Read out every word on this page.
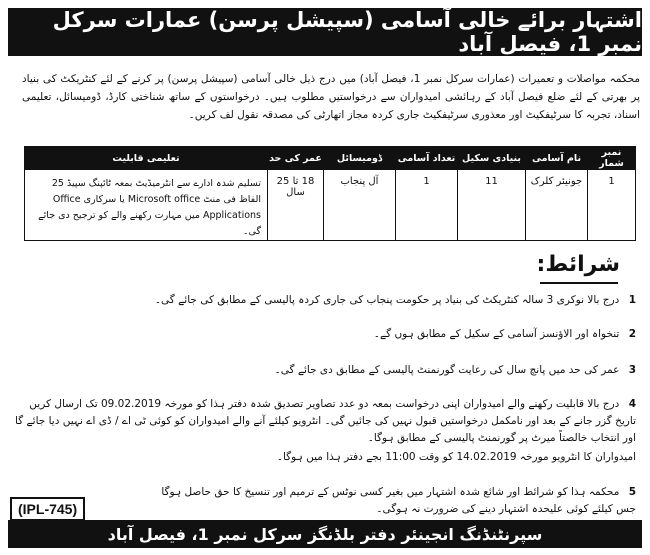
اشتہار برائے خالی آسامی (سپیشل پرسن) عمارات سرکل نمبر 1، فیصل آباد

محکمہ مواصلات و تعمیرات (عمارات سرکل نمبر 1، فیصل آباد) میں درج ذیل خالی آسامی (سپیشل پرسن) پر کرنے کے لئے کنٹریکٹ کی بنیاد پر بھرتی کے لئے ضلع فیصل آباد کے رہائشی امیدواران سے درخواستیں مطلوب ہیں۔ درخواستوں کے ساتھ شناختی کارڈ، ڈومیسائل، تعلیمی اسناد، تجربہ کا سرٹیفکیٹ اور معذوری سرٹیفکیٹ جاری کردہ مجاز اتھارٹی کی مصدقہ نقول لف کریں۔

نمبر شمار	نام آسامی	بنیادی سکیل	تعداد آسامی	ڈومیسائل	عمر کی حد	تعلیمی قابلیت
1	جونیئر کلرک	11	1	آل پنجاب	18 تا 25 سال	تسلیم شدہ ادارے سے انٹرمیڈیٹ بمعہ ٹائپنگ سپیڈ 25 الفاظ فی منٹ Microsoft office یا سرکاری Office Applications میں مہارت رکھنے والے کو ترجیح دی جائے گی۔
شرائط:
1 درج بالا نوکری 3 سالہ کنٹریکٹ کی بنیاد پر حکومت پنجاب کی جاری کردہ پالیسی کے مطابق کی جائے گی۔
2 تنخواہ اور الاؤنسز آسامی کے سکیل کے مطابق ہوں گے۔
3 عمر کی حد میں پانچ سال کی رعایت گورنمنٹ پالیسی کے مطابق دی جائے گی۔
4 درج بالا قابلیت رکھنے والے امیدواران اپنی درخواست بمعہ دو عدد تصاویر تصدیق شدہ دفتر ہذا کو مورخہ 09.02.2019 تک ارسال کریں تاریخ گزر جانے کے بعد اور نامکمل درخواستیں قبول نہیں کی جائیں گی۔ انٹرویو کیلئے آنے والے امیدواران کو کوئی ٹی اے / ڈی اے نہیں دیا جائے گا اور انتخاب خالصتاً میرٹ پر گورنمنٹ پالیسی کے مطابق ہوگا۔
امیدواران کا انٹرویو مورخہ 14.02.2019 کو وقت 11:00 بجے دفتر ہذا میں ہوگا۔
5 محکمہ ہذا کو شرائط اور شائع شدہ اشتہار میں بغیر کسی نوٹس کے ترمیم اور تنسیخ کا حق حاصل ہوگا جس کیلئے کوئی علیحدہ اشتہار دینے کی ضرورت نہ ہوگی۔
(IPL-745)
سپرنٹنڈنگ انجینئر دفتر بلڈنگز سرکل نمبر 1، فیصل آباد
